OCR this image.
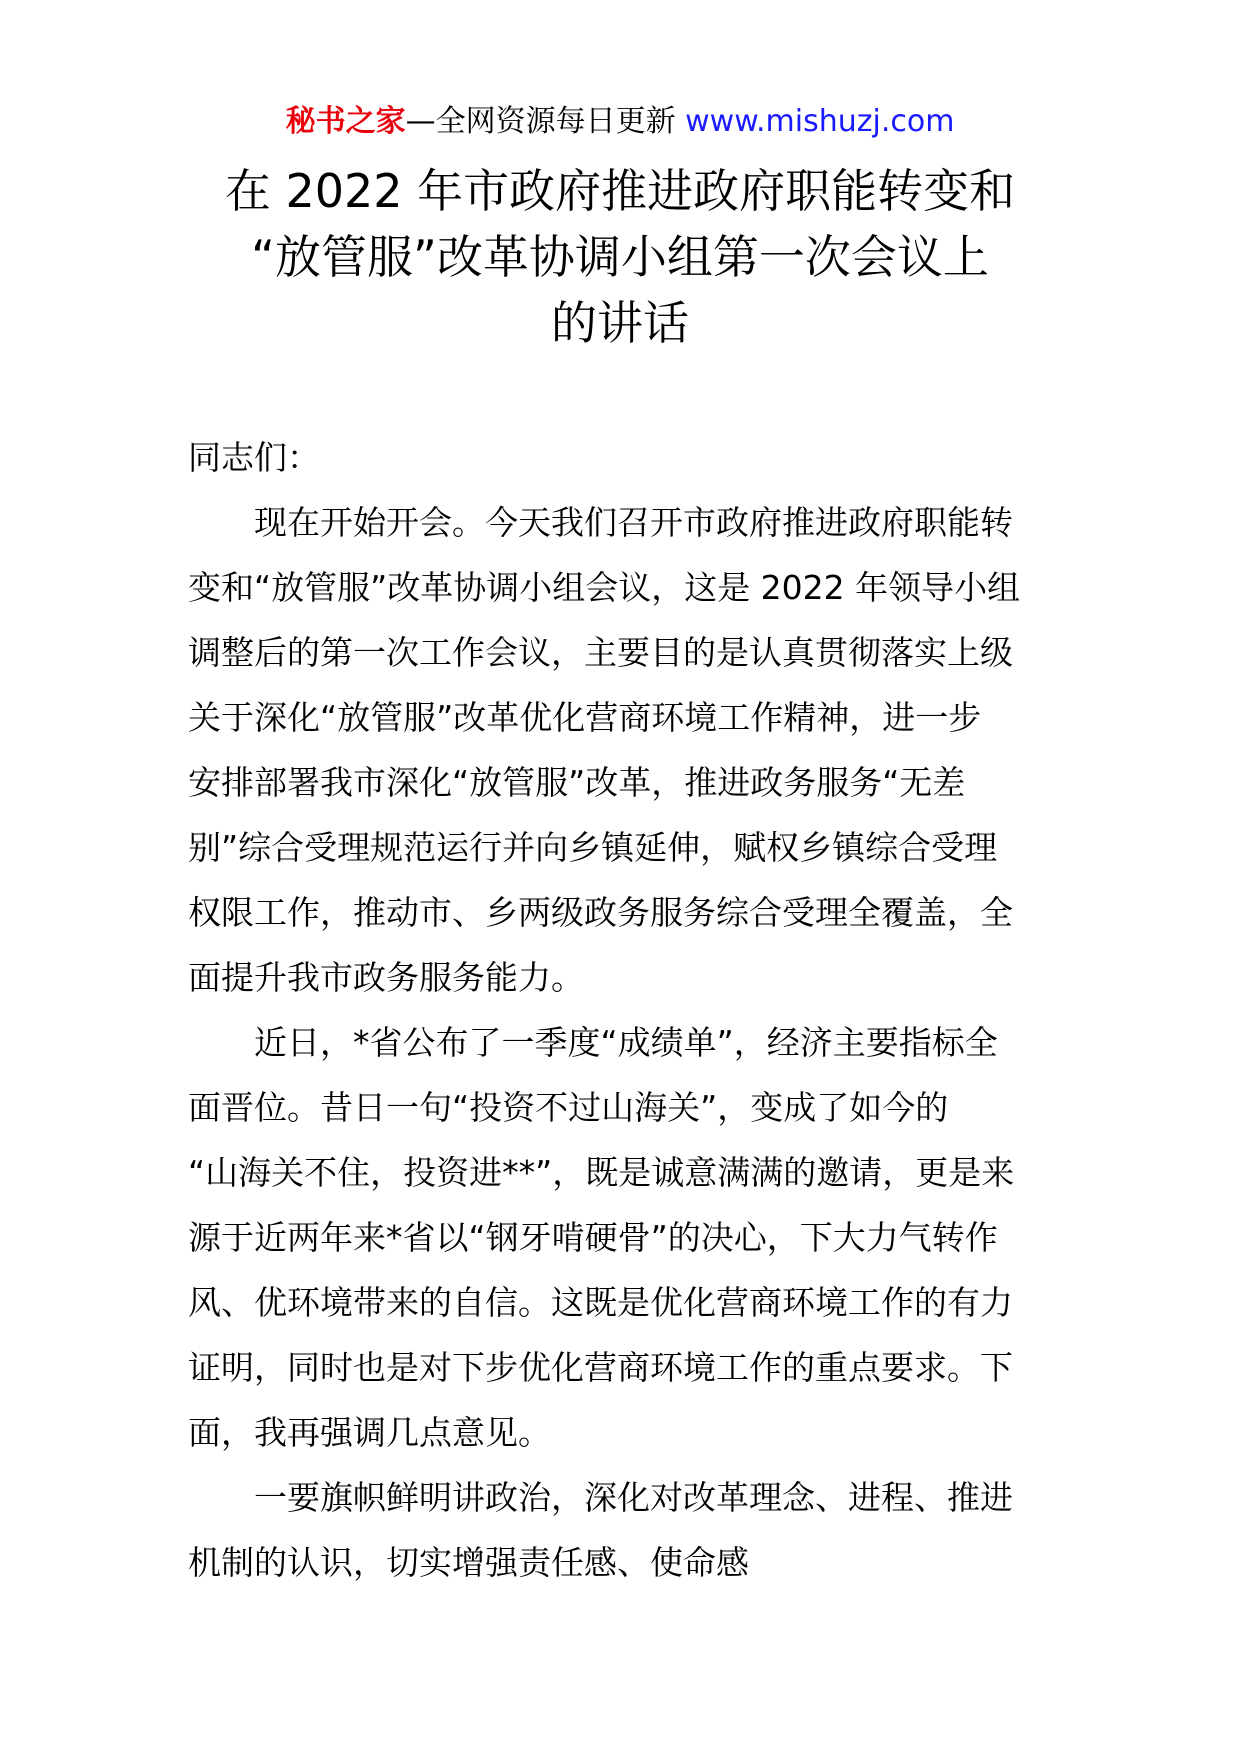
秘书之家—全网资源每日更新 www.mishuzj.com
在 2022 年市政府推进政府职能转变和
“放管服”改革协调小组第一次会议上
的讲话
同志们：
现在开始开会。今天我们召开市政府推进政府职能转
变和“放管服”改革协调小组会议，这是 2022 年领导小组
调整后的第一次工作会议，主要目的是认真贯彻落实上级
关于深化“放管服”改革优化营商环境工作精神，进一步
安排部署我市深化“放管服”改革，推进政务服务“无差
别”综合受理规范运行并向乡镇延伸，赋权乡镇综合受理
权限工作，推动市、乡两级政务服务综合受理全覆盖，全
面提升我市政务服务能力。
近日，*省公布了一季度“成绩单”，经济主要指标全
面晋位。昔日一句“投资不过山海关”，变成了如今的
“山海关不住，投资进**”，既是诚意满满的邀请，更是来
源于近两年来*省以“钢牙啃硬骨”的决心，下大力气转作
风、优环境带来的自信。这既是优化营商环境工作的有力
证明，同时也是对下步优化营商环境工作的重点要求。下
面，我再强调几点意见。
一要旗帜鲜明讲政治，深化对改革理念、进程、推进
机制的认识，切实增强责任感、使命感
